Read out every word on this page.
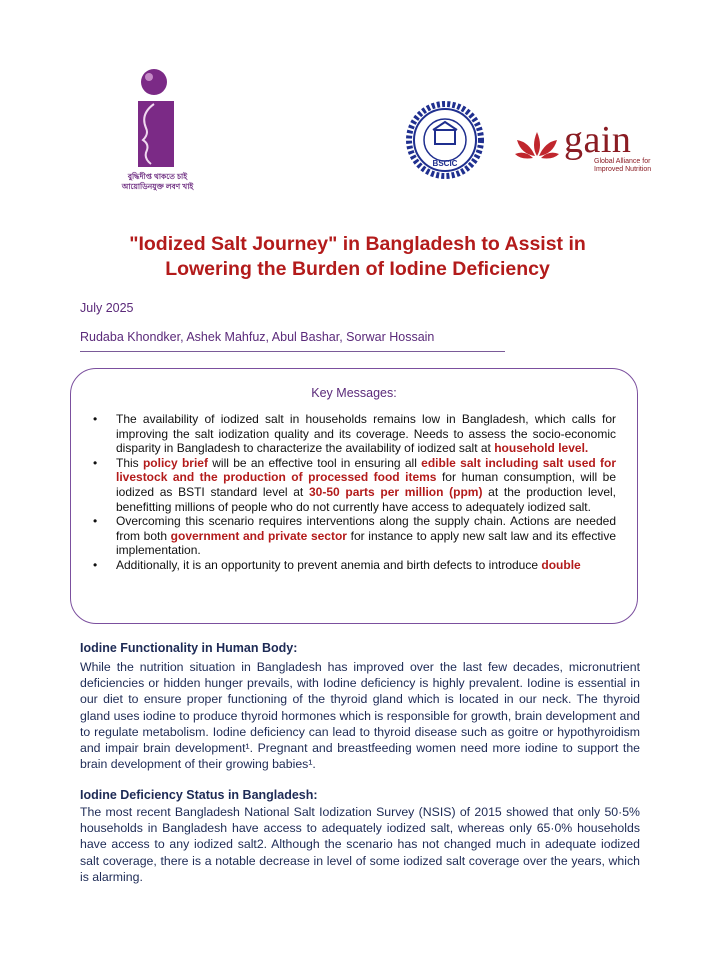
বুদ্ধিদীপ্ত থাকতে চাই
আয়োডিনযুক্ত লবণ খাই
BSCIC
gain
Global Alliance for
Improved Nutrition
"Iodized Salt Journey" in Bangladesh to Assist in
Lowering the Burden of Iodine Deficiency
July 2025
Rudaba Khondker, Ashek Mahfuz, Abul Bashar, Sorwar Hossain
Key Messages:

• The availability of iodized salt in households remains low in Bangladesh, which calls for improving the salt iodization quality and its coverage. Needs to assess the socio-economic disparity in Bangladesh to characterize the availability of iodized salt at household level.

• This policy brief will be an effective tool in ensuring all edible salt including salt used for livestock and the production of processed food items for human consumption, will be iodized as BSTI standard level at 30-50 parts per million (ppm) at the production level, benefitting millions of people who do not currently have access to adequately iodized salt.

• Overcoming this scenario requires interventions along the supply chain. Actions are needed from both government and private sector for instance to apply new salt law and its effective implementation.

• Additionally, it is an opportunity to prevent anemia and birth defects to introduce double

Iodine Functionality in Human Body:
While the nutrition situation in Bangladesh has improved over the last few decades, micronutrient deficiencies or hidden hunger prevails, with Iodine deficiency is highly prevalent. Iodine is essential in our diet to ensure proper functioning of the thyroid gland which is located in our neck. The thyroid gland uses iodine to produce thyroid hormones which is responsible for growth, brain development and to regulate metabolism. Iodine deficiency can lead to thyroid disease such as goitre or hypothyroidism and impair brain development¹. Pregnant and breastfeeding women need more iodine to support the brain development of their growing babies¹.
Iodine Deficiency Status in Bangladesh:
The most recent Bangladesh National Salt Iodization Survey (NSIS) of 2015 showed that only 50·5% households in Bangladesh have access to adequately iodized salt, whereas only 65·0% households have access to any iodized salt2. Although the scenario has not changed much in adequate iodized salt coverage, there is a notable decrease in level of some iodized salt coverage over the years, which is alarming.
